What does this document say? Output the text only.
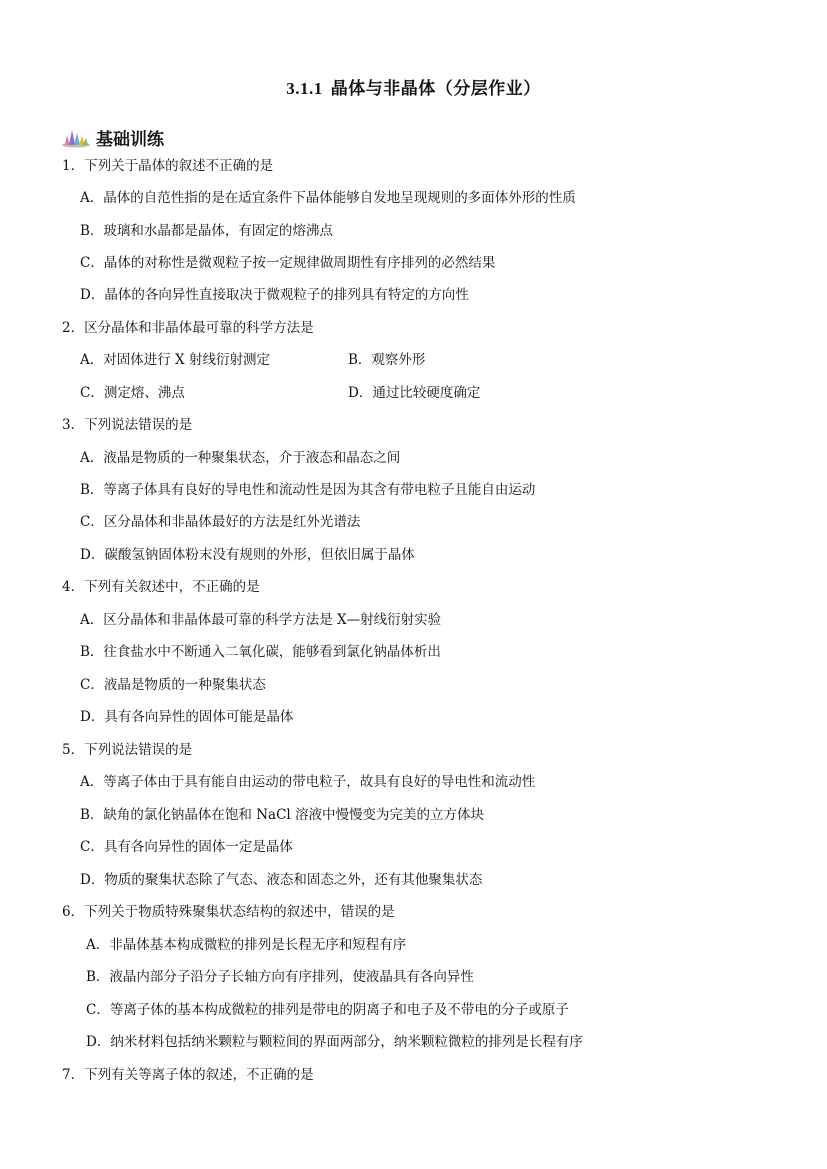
3.1.1 晶体与非晶体（分层作业）
基础训练
1．下列关于晶体的叙述不正确的是
A．晶体的自范性指的是在适宜条件下晶体能够自发地呈现规则的多面体外形的性质
B．玻璃和水晶都是晶体，有固定的熔沸点
C．晶体的对称性是微观粒子按一定规律做周期性有序排列的必然结果
D．晶体的各向异性直接取决于微观粒子的排列具有特定的方向性
2．区分晶体和非晶体最可靠的科学方法是
A．对固体进行 X 射线衍射测定	B．观察外形
C．测定熔、沸点	D．通过比较硬度确定
3．下列说法错误的是
A．液晶是物质的一种聚集状态，介于液态和晶态之间
B．等离子体具有良好的导电性和流动性是因为其含有带电粒子且能自由运动
C．区分晶体和非晶体最好的方法是红外光谱法
D．碳酸氢钠固体粉末没有规则的外形，但依旧属于晶体
4．下列有关叙述中，不正确的是
A．区分晶体和非晶体最可靠的科学方法是 X—射线衍射实验
B．往食盐水中不断通入二氧化碳，能够看到氯化钠晶体析出
C．液晶是物质的一种聚集状态
D．具有各向异性的固体可能是晶体
5．下列说法错误的是
A．等离子体由于具有能自由运动的带电粒子，故具有良好的导电性和流动性
B．缺角的氯化钠晶体在饱和 NaCl 溶液中慢慢变为完美的立方体块
C．具有各向异性的固体一定是晶体
D．物质的聚集状态除了气态、液态和固态之外，还有其他聚集状态
6．下列关于物质特殊聚集状态结构的叙述中，错误的是
A．非晶体基本构成微粒的排列是长程无序和短程有序
B．液晶内部分子沿分子长轴方向有序排列，使液晶具有各向异性
C．等离子体的基本构成微粒的排列是带电的阴离子和电子及不带电的分子或原子
D．纳米材料包括纳米颗粒与颗粒间的界面两部分，纳米颗粒微粒的排列是长程有序
7．下列有关等离子体的叙述，不正确的是
